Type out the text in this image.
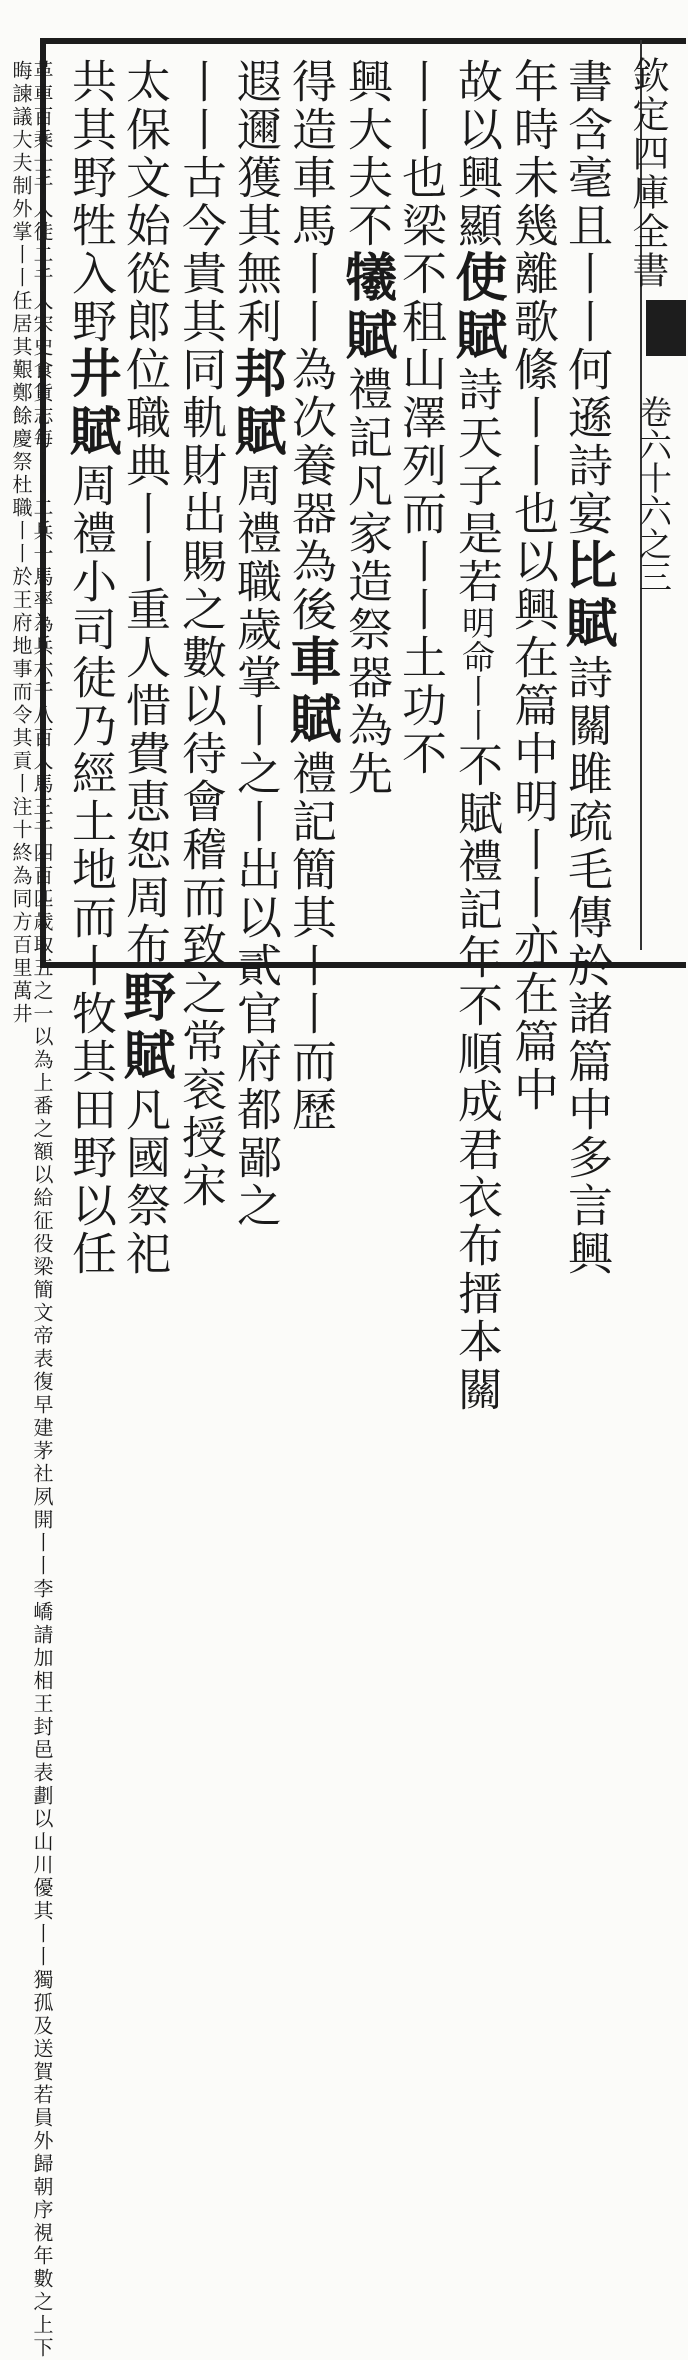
欽定四庫全書
卷六十六之三
書含毫且丨丨何遜詩宴比賦詩關雎疏毛傳於諸篇中多言興
年時未幾離歌絛丨丨也以興在篇中明丨丨亦在篇中
故以興顯使賦詩天子是若明命丨丨不賦禮記年不順成君衣布搢本關
丨丨也梁不租山澤列而丨丨土功不
興大夫不犧賦禮記凡家造祭器為先
得造車馬丨丨為次養器為後車賦禮記簡其丨丨而歷
遐邇獲其無利邦賦周禮職歲掌丨之丨出以貳官府都鄙之
丨丨古今貴其同軌財出賜之數以待會稽而致之常衮授宋
太保文始從郎位職典丨丨重人惜費恵恕周布野賦凡國祭祀
共其野牲入野井賦周禮小司徒乃經土地而丨牧其田野以任
晦諫議大夫制外掌丨丨任居其艱鄭餘慶祭杜職丨丨於王府地事而令其貢丨注十終為同方百里萬井
革車百乘士千人徒二千人宋史食貨志每丨丨二兵一馬率為兵六千八百人馬三千四百匹歳取五之一以為上番之額以給征役梁簡文帝表復早建茅社夙開丨丨李嶠請加相王封邑表劃以山川優其丨丨獨孤及送賀若員外歸朝序視年數之上下
